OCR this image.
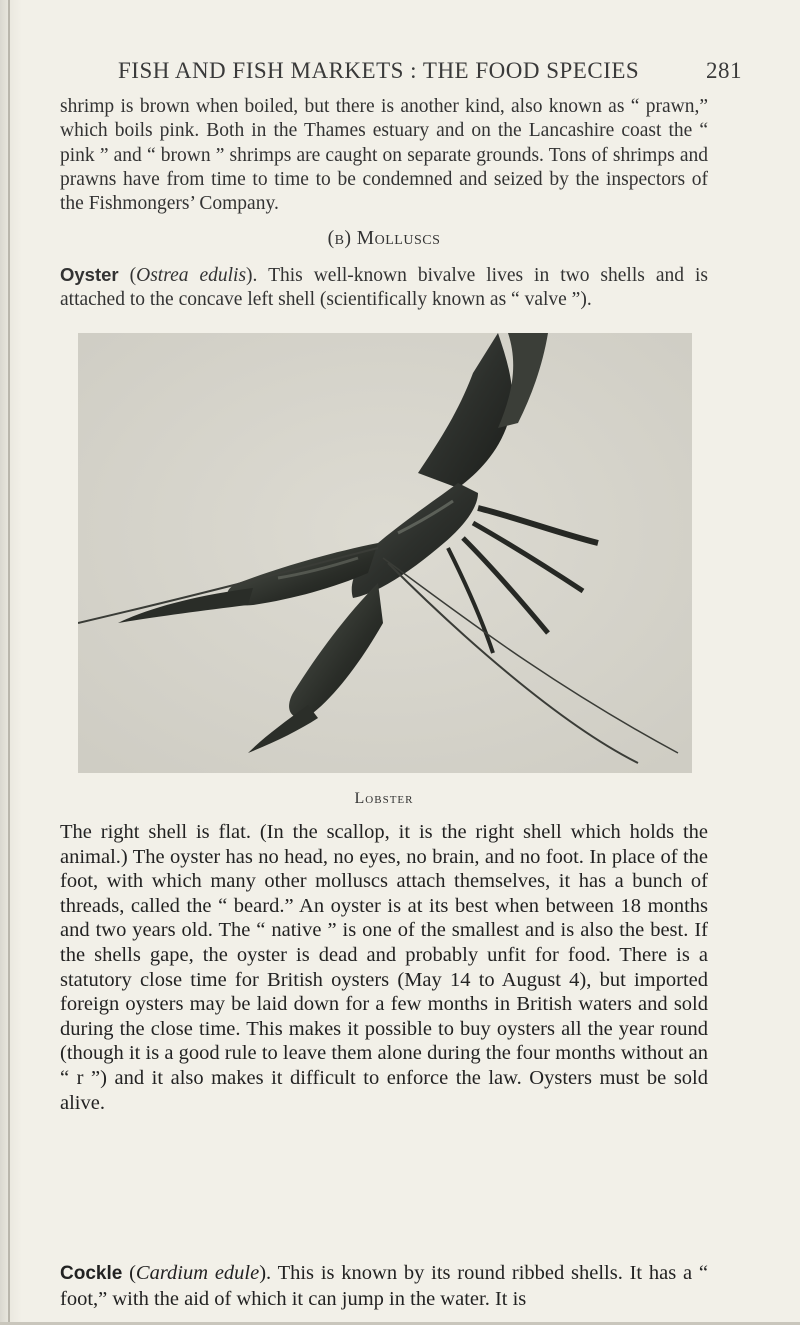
FISH AND FISH MARKETS : THE FOOD SPECIES	281
shrimp is brown when boiled, but there is another kind, also known as “ prawn,” which boils pink. Both in the Thames estuary and on the Lancashire coast the “ pink ” and “ brown ” shrimps are caught on separate grounds. Tons of shrimps and prawns have from time to time to be condemned and seized by the inspectors of the Fishmongers’ Company.
(b) Molluscs
Oyster (Ostrea edulis). This well-known bivalve lives in two shells and is attached to the concave left shell (scientifically known as “ valve ”).
Lobster
The right shell is flat. (In the scallop, it is the right shell which holds the animal.) The oyster has no head, no eyes, no brain, and no foot. In place of the foot, with which many other molluscs attach themselves, it has a bunch of threads, called the “ beard.” An oyster is at its best when between 18 months and two years old. The “ native ” is one of the smallest and is also the best. If the shells gape, the oyster is dead and probably unfit for food. There is a statutory close time for British oysters (May 14 to August 4), but imported foreign oysters may be laid down for a few months in British waters and sold during the close time. This makes it possible to buy oysters all the year round (though it is a good rule to leave them alone during the four months without an “ r ”) and it also makes it difficult to enforce the law. Oysters must be sold alive.
Cockle (Cardium edule). This is known by its round ribbed shells. It has a “ foot,” with the aid of which it can jump in the water. It is
